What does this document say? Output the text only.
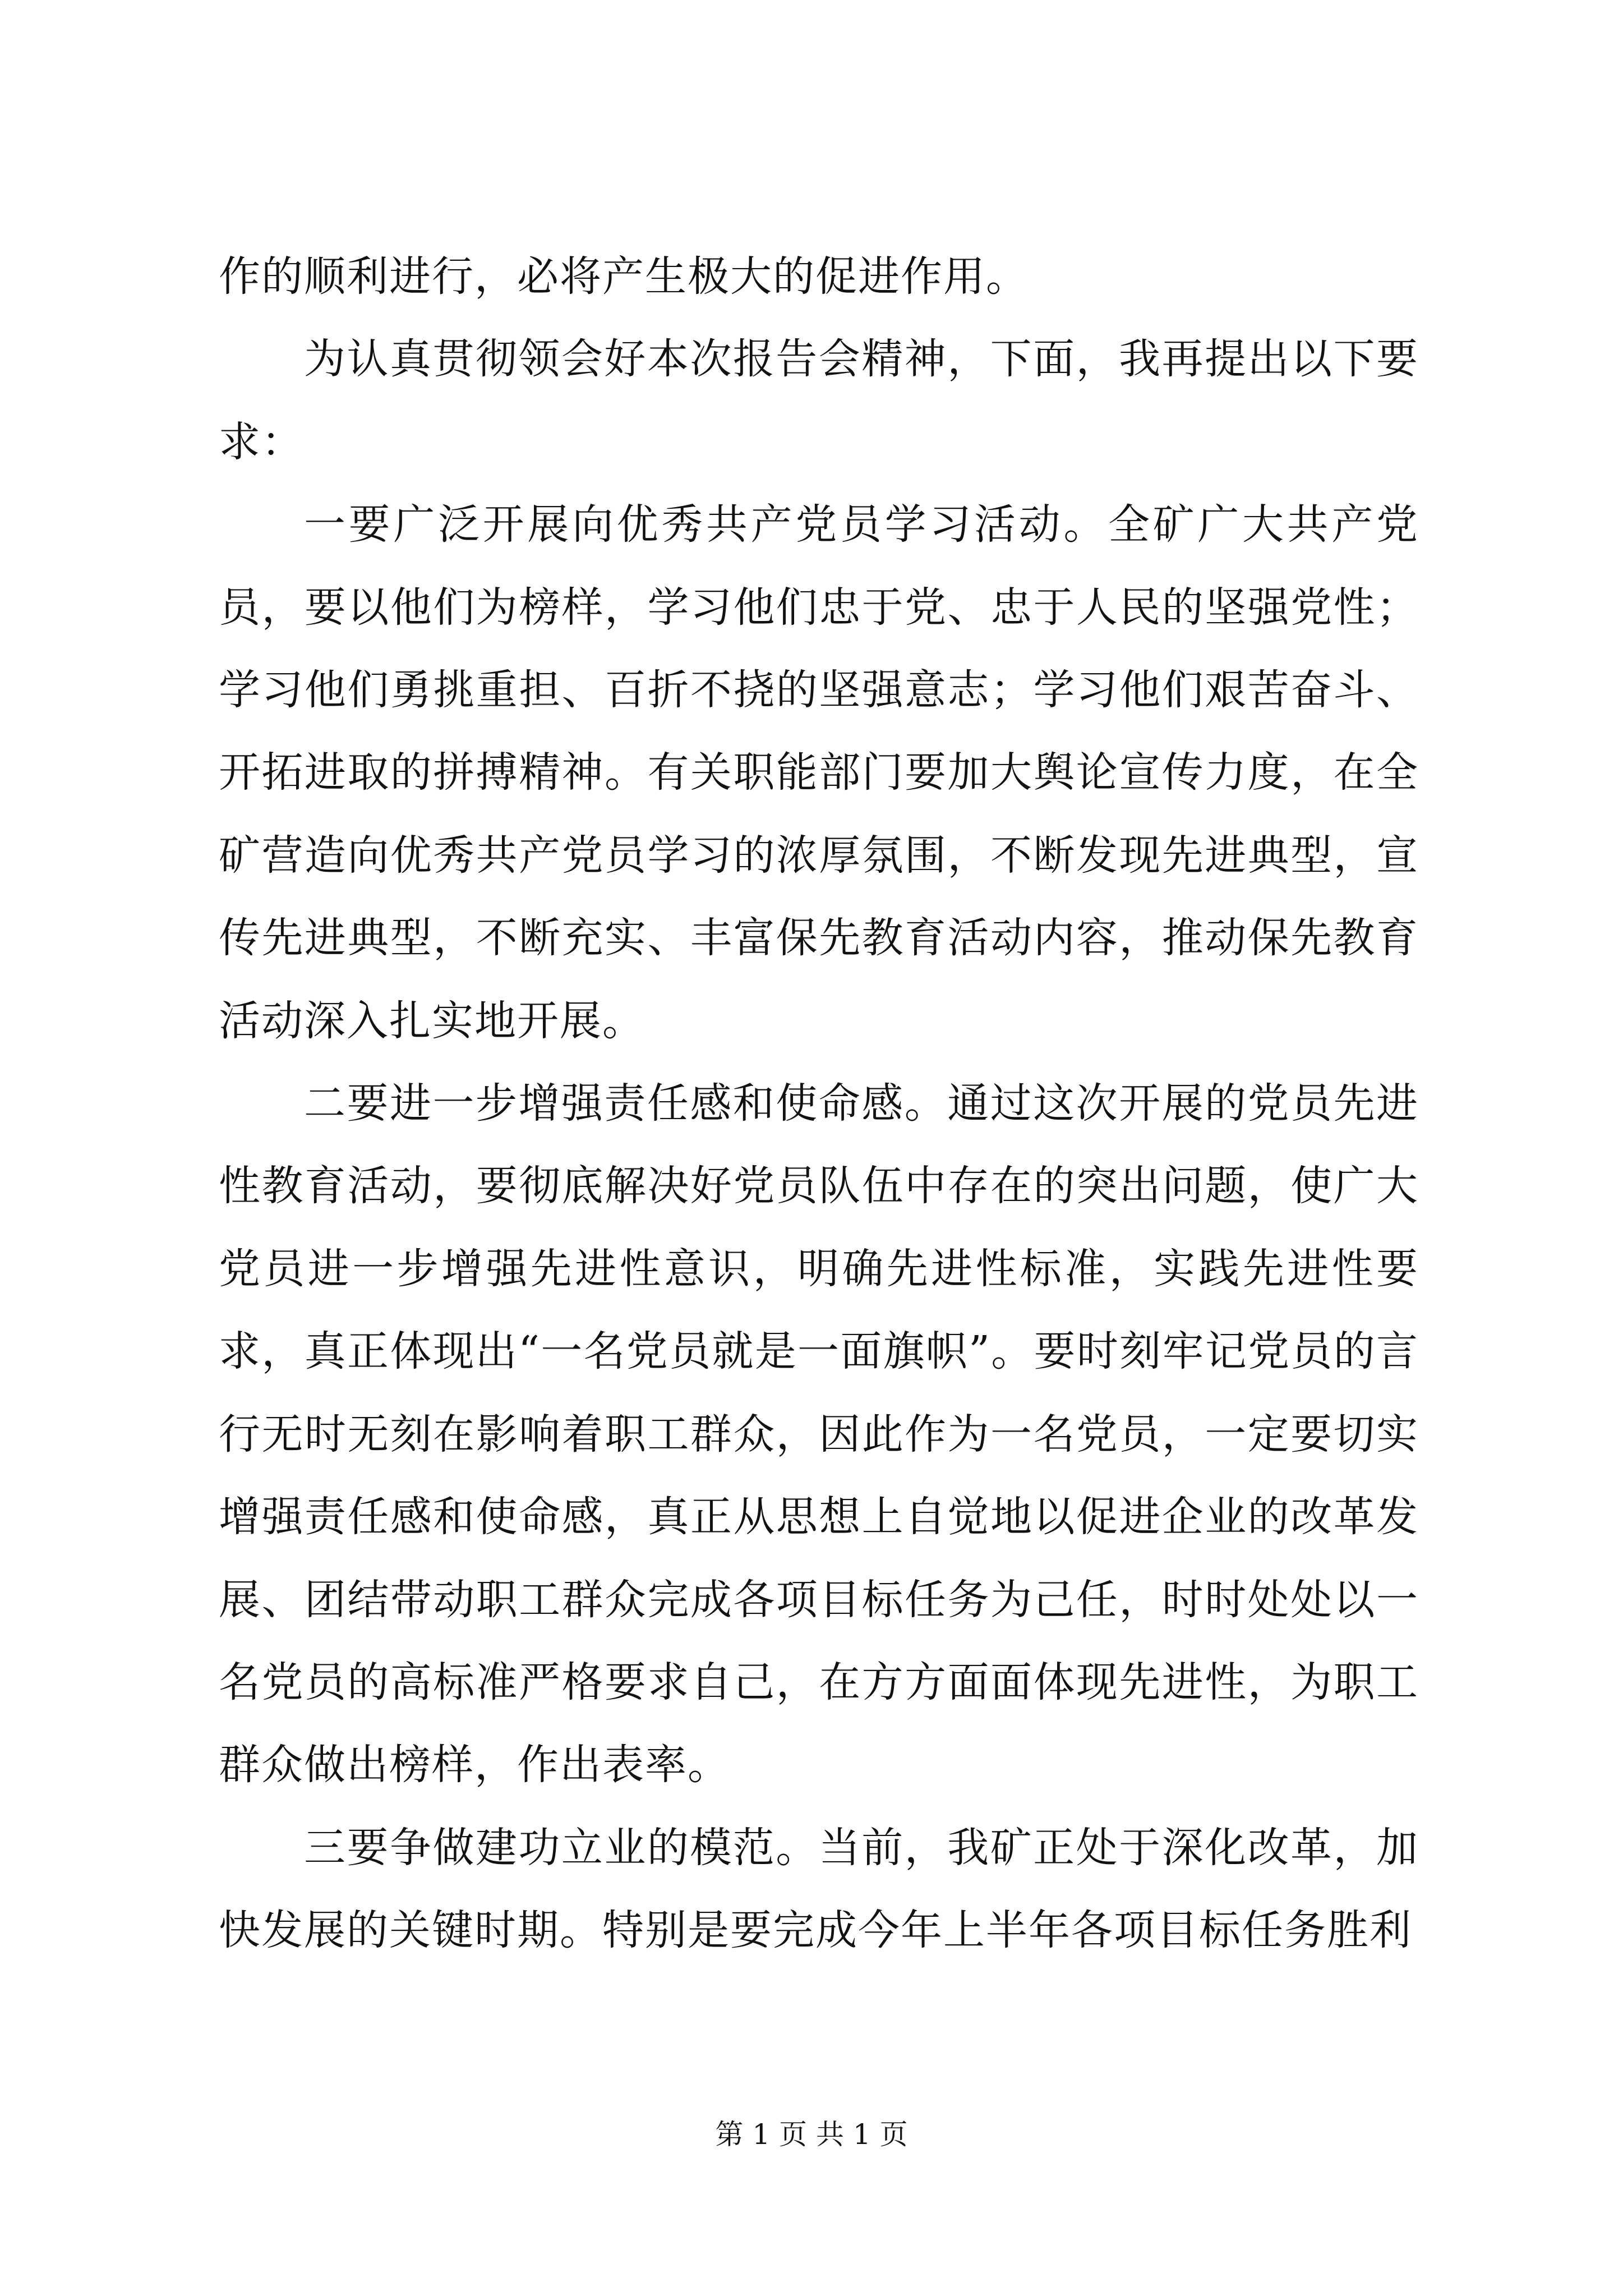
作的顺利进行，必将产生极大的促进作用。

为认真贯彻领会好本次报告会精神，下面，我再提出以下要求：

一要广泛开展向优秀共产党员学习活动。全矿广大共产党员，要以他们为榜样，学习他们忠于党、忠于人民的坚强党性；学习他们勇挑重担、百折不挠的坚强意志；学习他们艰苦奋斗、开拓进取的拼搏精神。有关职能部门要加大舆论宣传力度，在全矿营造向优秀共产党员学习的浓厚氛围，不断发现先进典型，宣传先进典型，不断充实、丰富保先教育活动内容，推动保先教育活动深入扎实地开展。

二要进一步增强责任感和使命感。通过这次开展的党员先进性教育活动，要彻底解决好党员队伍中存在的突出问题，使广大党员进一步增强先进性意识，明确先进性标准，实践先进性要求，真正体现出“一名党员就是一面旗帜”。要时刻牢记党员的言行无时无刻在影响着职工群众，因此作为一名党员，一定要切实增强责任感和使命感，真正从思想上自觉地以促进企业的改革发展、团结带动职工群众完成各项目标任务为己任，时时处处以一名党员的高标准严格要求自己，在方方面面体现先进性，为职工群众做出榜样，作出表率。

三要争做建功立业的模范。当前，我矿正处于深化改革，加快发展的关键时期。特别是要完成今年上半年各项目标任务胜利

第 1 页 共 1 页
